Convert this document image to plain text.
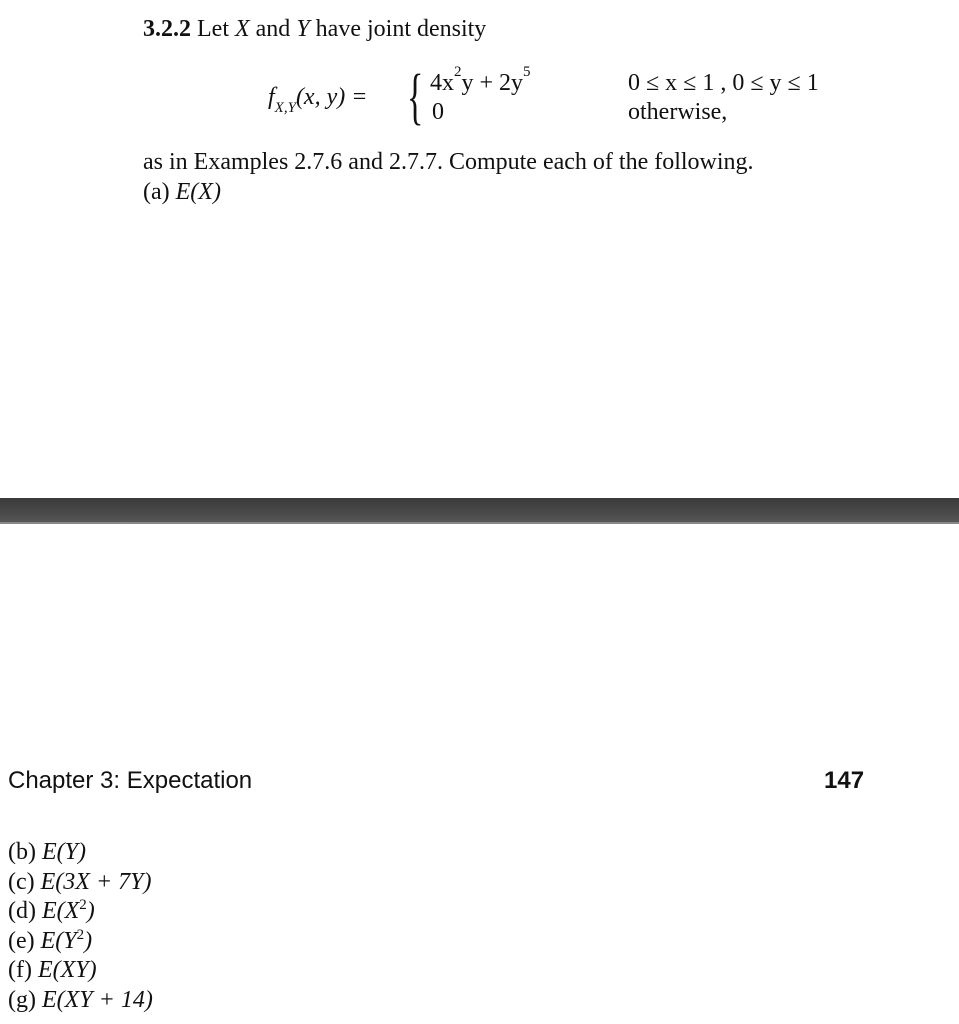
3.2.2 Let X and Y have joint density
$f_{X,Y}(x$, y) = { $4x^2y + 2y^5$	0 ≤ x ≤ 1 , 0 ≤ y ≤ 1
0	otherwise,
as in Examples 2.7.6 and 2.7.7. Compute each of the following.
(a) E(X)
Chapter 3: Expectation	147
(b) E(Y)
(c) E(3X + 7Y)
(d) $E(X^2)$
(e) $E(Y^2)$
(f) E(XY)
(g) E(XY + 14)
